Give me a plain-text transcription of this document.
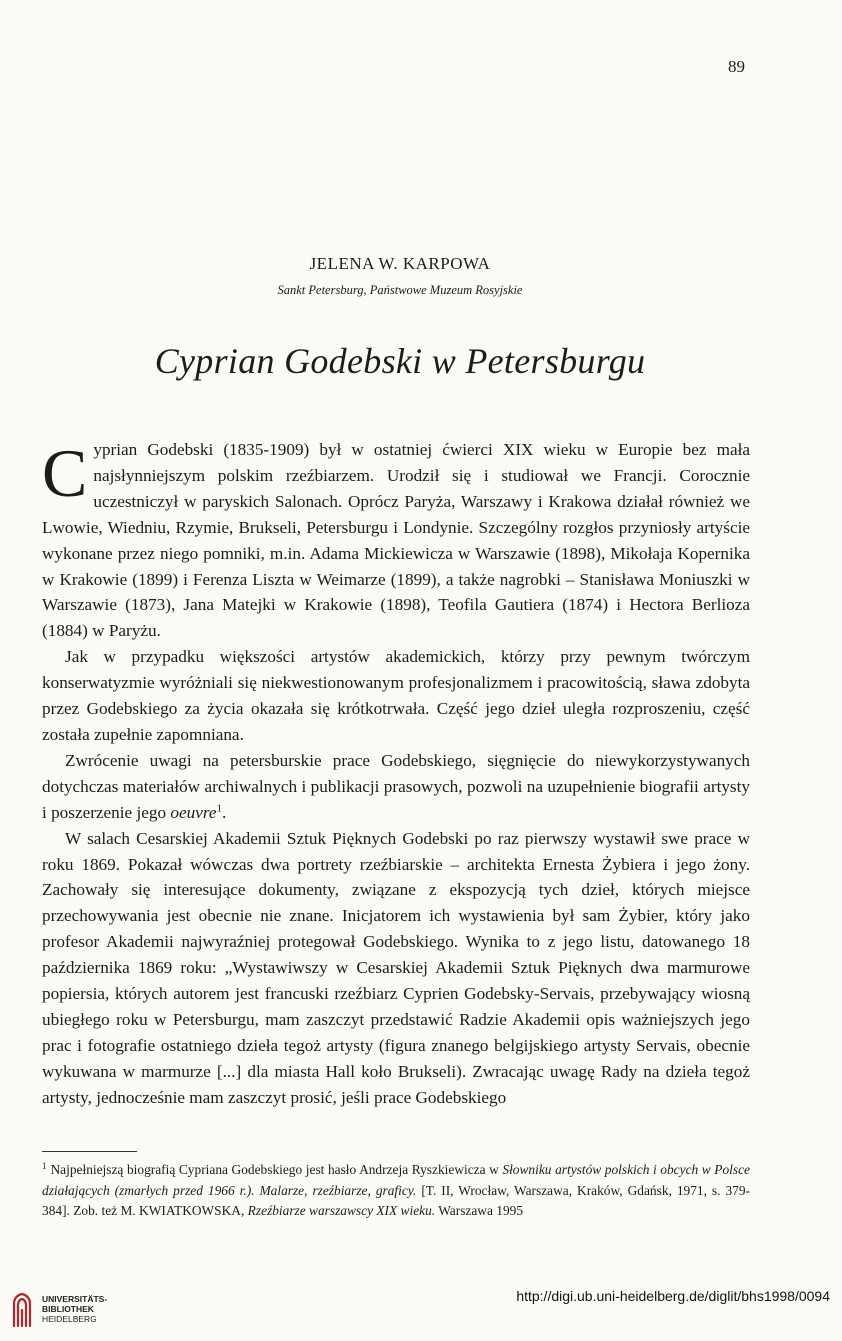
89
JELENA W. KARPOWA
Sankt Petersburg, Państwowe Muzeum Rosyjskie
Cyprian Godebski w Petersburgu

Cyprian Godebski (1835-1909) był w ostatniej ćwierci XIX wieku w Europie bez mała najsłynniejszym polskim rzeźbiarzem. Urodził się i studiował we Francji. Corocznie uczestniczył w paryskich Salonach. Oprócz Paryża, Warszawy i Krakowa działał również we Lwowie, Wiedniu, Rzymie, Brukseli, Petersburgu i Londynie. Szczególny rozgłos przyniosły artyście wykonane przez niego pomniki, m.in. Adama Mickiewicza w Warszawie (1898), Mikołaja Kopernika w Krakowie (1899) i Ferenza Liszta w Weimarze (1899), a także nagrobki – Stanisława Moniuszki w Warszawie (1873), Jana Matejki w Krakowie (1898), Teofila Gautiera (1874) i Hectora Berlioza (1884) w Paryżu.

Jak w przypadku większości artystów akademickich, którzy przy pewnym twórczym konserwatyzmie wyróżniali się niekwestionowanym profesjonalizmem i pracowitością, sława zdobyta przez Godebskiego za życia okazała się krótkotrwała. Część jego dzieł uległa rozproszeniu, część została zupełnie zapomniana.

Zwrócenie uwagi na petersburskie prace Godebskiego, sięgnięcie do niewykorzystywanych dotychczas materiałów archiwalnych i publikacji prasowych, pozwoli na uzupełnienie biografii artysty i poszerzenie jego oeuvre$^1$.

W salach Cesarskiej Akademii Sztuk Pięknych Godebski po raz pierwszy wystawił swe prace w roku 1869. Pokazał wówczas dwa portrety rzeźbiarskie – architekta Ernesta Żybiera i jego żony. Zachowały się interesujące dokumenty, związane z ekspozycją tych dzieł, których miejsce przechowywania jest obecnie nie znane. Inicjatorem ich wystawienia był sam Żybier, który jako profesor Akademii najwyraźniej protegował Godebskiego. Wynika to z jego listu, datowanego 18 października 1869 roku: „Wystawiwszy w Cesarskiej Akademii Sztuk Pięknych dwa marmurowe popiersia, których autorem jest francuski rzeźbiarz Cyprien Godebsky-Servais, przebywający wiosną ubiegłego roku w Petersburgu, mam zaszczyt przedstawić Radzie Akademii opis ważniejszych jego prac i fotografie ostatniego dzieła tegoż artysty (figura znanego belgijskiego artysty Servais, obecnie wykuwana w marmurze [...] dla miasta Hall koło Brukseli). Zwracając uwagę Rady na dzieła tegoż artysty, jednocześnie mam zaszczyt prosić, jeśli prace Godebskiego

$^1$ Najpełniejszą biografią Cypriana Godebskiego jest hasło Andrzeja Ryszkiewicza w Słowniku artystów polskich i obcych w Polsce działających (zmarłych przed 1966 r.). Malarze, rzeźbiarze, graficy. [T. II, Wrocław, Warszawa, Kraków, Gdańsk, 1971, s. 379-384]. Zob. też M. KWIATKOWSKA, Rzeźbiarze warszawscy XIX wieku. Warszawa 1995
UNIVERSITÄTS-
BIBLIOTHEK
HEIDELBERG
http://digi.ub.uni-heidelberg.de/diglit/bhs1998/0094
